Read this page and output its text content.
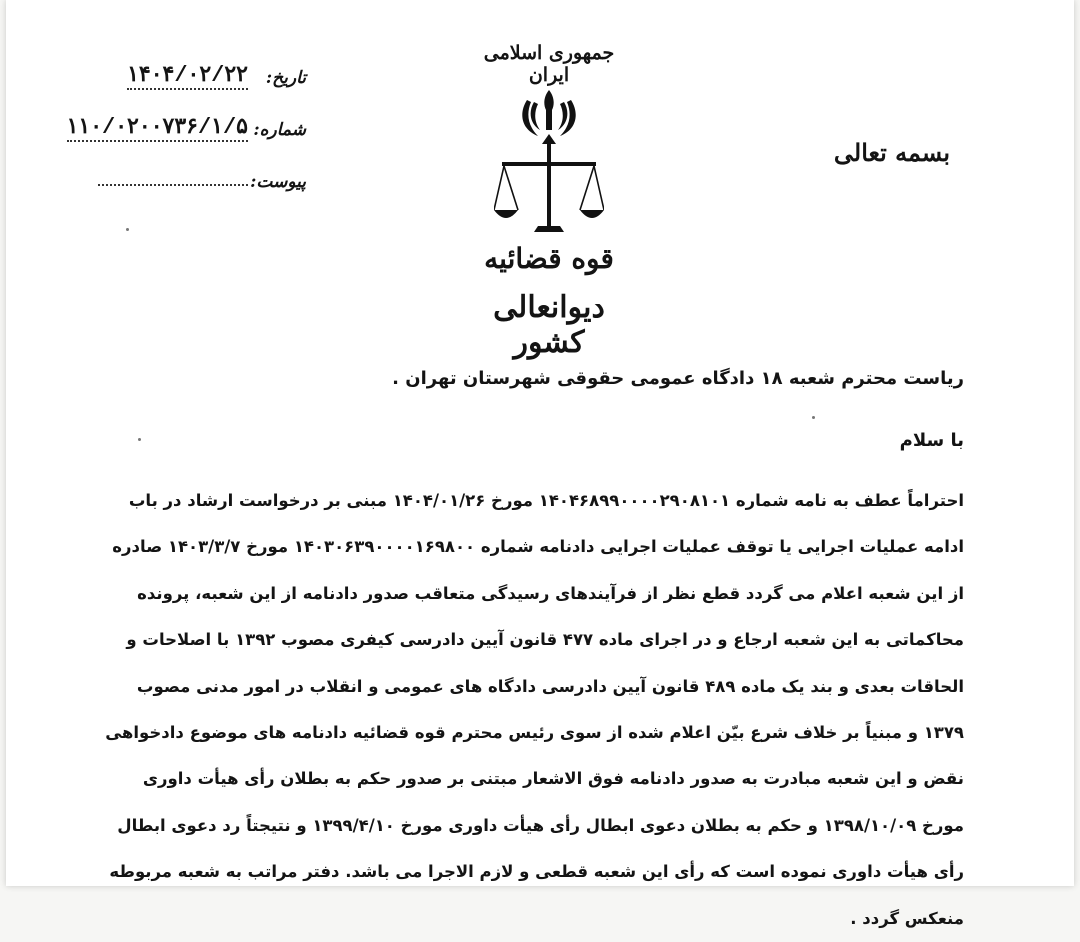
جمهوری اسلامی ایران
قوه قضائیه
دیوانعالی کشور
بسمه تعالی
تاریخ:
۱۴۰۴/۰۲/۲۲
شماره:
۱۱۰/۰۲۰۰۷۳۶/۱/۵
پیوست:
ریاست محترم شعبه ۱۸ دادگاه عمومی حقوقی شهرستان تهران .
با سلام
احتراماً عطف به نامه شماره ۱۴۰۴۶۸۹۹۰۰۰۰۲۹۰۸۱۰۱ مورخ ۱۴۰۴/۰۱/۲۶ مبنی بر درخواست ارشاد در باب
ادامه عملیات اجرایی یا توقف عملیات اجرایی دادنامه شماره ۱۴۰۳۰۶۳۹۰۰۰۰۱۶۹۸۰۰ مورخ ۱۴۰۳/۳/۷ صادره
از این شعبه اعلام می گردد قطع نظر از فرآیندهای رسیدگی متعاقب صدور دادنامه از این شعبه، پرونده
محاکماتی به این شعبه ارجاع و در اجرای ماده ۴۷۷ قانون آیین دادرسی کیفری مصوب ۱۳۹۲ با اصلاحات و
الحاقات بعدی و بند یک ماده ۴۸۹ قانون آیین دادرسی دادگاه های عمومی و انقلاب در امور مدنی مصوب
۱۳۷۹ و مبنیاً بر خلاف شرع بیّن اعلام شده از سوی رئیس محترم قوه قضائیه دادنامه های موضوع دادخواهی
نقض و این شعبه مبادرت به صدور دادنامه فوق الاشعار مبتنی بر صدور حکم به بطلان رأی هیأت داوری
مورخ ۱۳۹۸/۱۰/۰۹ و حکم به بطلان دعوی ابطال رأی هیأت داوری مورخ ۱۳۹۹/۴/۱۰ و نتیجتاً رد دعوی ابطال
رأی هیأت داوری نموده است که رأی این شعبه قطعی و لازم الاجرا می باشد. دفتر مراتب به شعبه مربوطه
منعکس گردد .
